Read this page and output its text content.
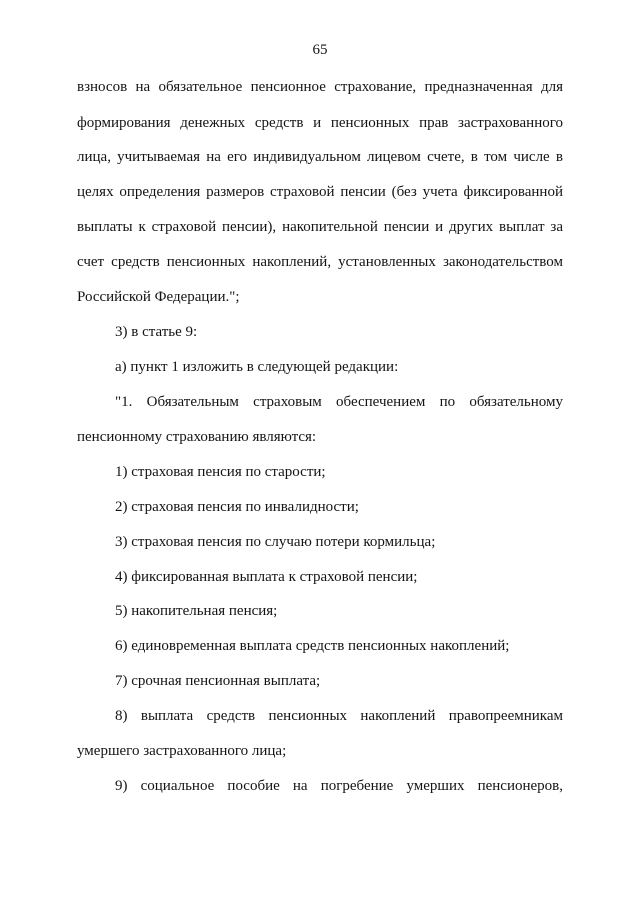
65
взносов на обязательное пенсионное страхование, предназначенная для
формирования денежных средств и пенсионных прав застрахованного
лица, учитываемая на его индивидуальном лицевом счете, в том числе в
целях определения размеров страховой пенсии (без учета фиксированной
выплаты к страховой пенсии), накопительной пенсии и других выплат за
счет средств пенсионных накоплений, установленных законодательством
Российской Федерации.";
3) в статье 9:
а) пункт 1 изложить в следующей редакции:
"1. Обязательным страховым обеспечением по обязательному
пенсионному страхованию являются:
1) страховая пенсия по старости;
2) страховая пенсия по инвалидности;
3) страховая пенсия по случаю потери кормильца;
4) фиксированная выплата к страховой пенсии;
5) накопительная пенсия;
6) единовременная выплата средств пенсионных накоплений;
7) срочная пенсионная выплата;
8) выплата средств пенсионных накоплений правопреемникам
умершего застрахованного лица;
9) социальное пособие на погребение умерших пенсионеров,
